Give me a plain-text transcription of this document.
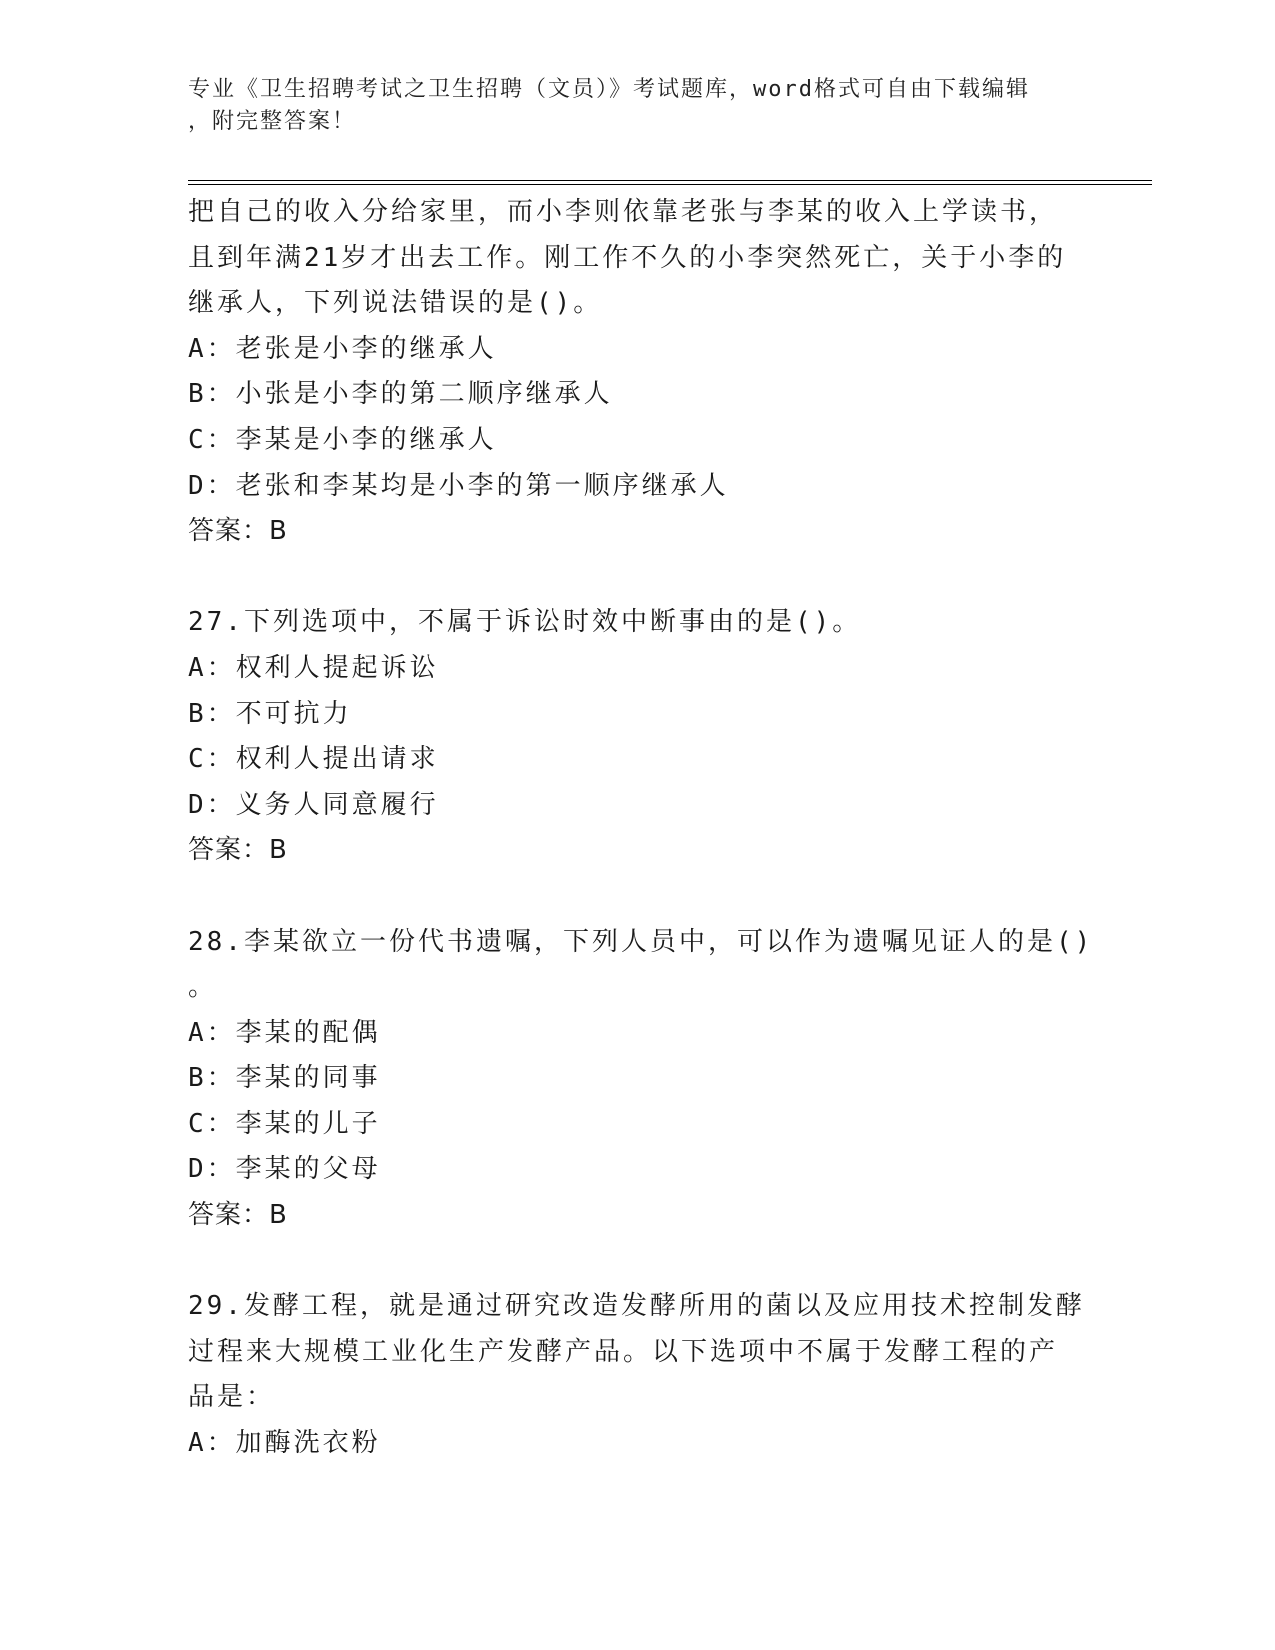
专业《卫生招聘考试之卫生招聘（文员）》考试题库，word格式可自由下载编辑
，附完整答案！
把自己的收入分给家里，而小李则依靠老张与李某的收入上学读书，
且到年满21岁才出去工作。刚工作不久的小李突然死亡，关于小李的
继承人，下列说法错误的是()。
A：老张是小李的继承人
B：小张是小李的第二顺序继承人
C：李某是小李的继承人
D：老张和李某均是小李的第一顺序继承人
答案：B
27.下列选项中，不属于诉讼时效中断事由的是()。
A：权利人提起诉讼
B：不可抗力
C：权利人提出请求
D：义务人同意履行
答案：B
28.李某欲立一份代书遗嘱，下列人员中，可以作为遗嘱见证人的是()
。
A：李某的配偶
B：李某的同事
C：李某的儿子
D：李某的父母
答案：B
29.发酵工程，就是通过研究改造发酵所用的菌以及应用技术控制发酵
过程来大规模工业化生产发酵产品。以下选项中不属于发酵工程的产
品是：
A：加酶洗衣粉
